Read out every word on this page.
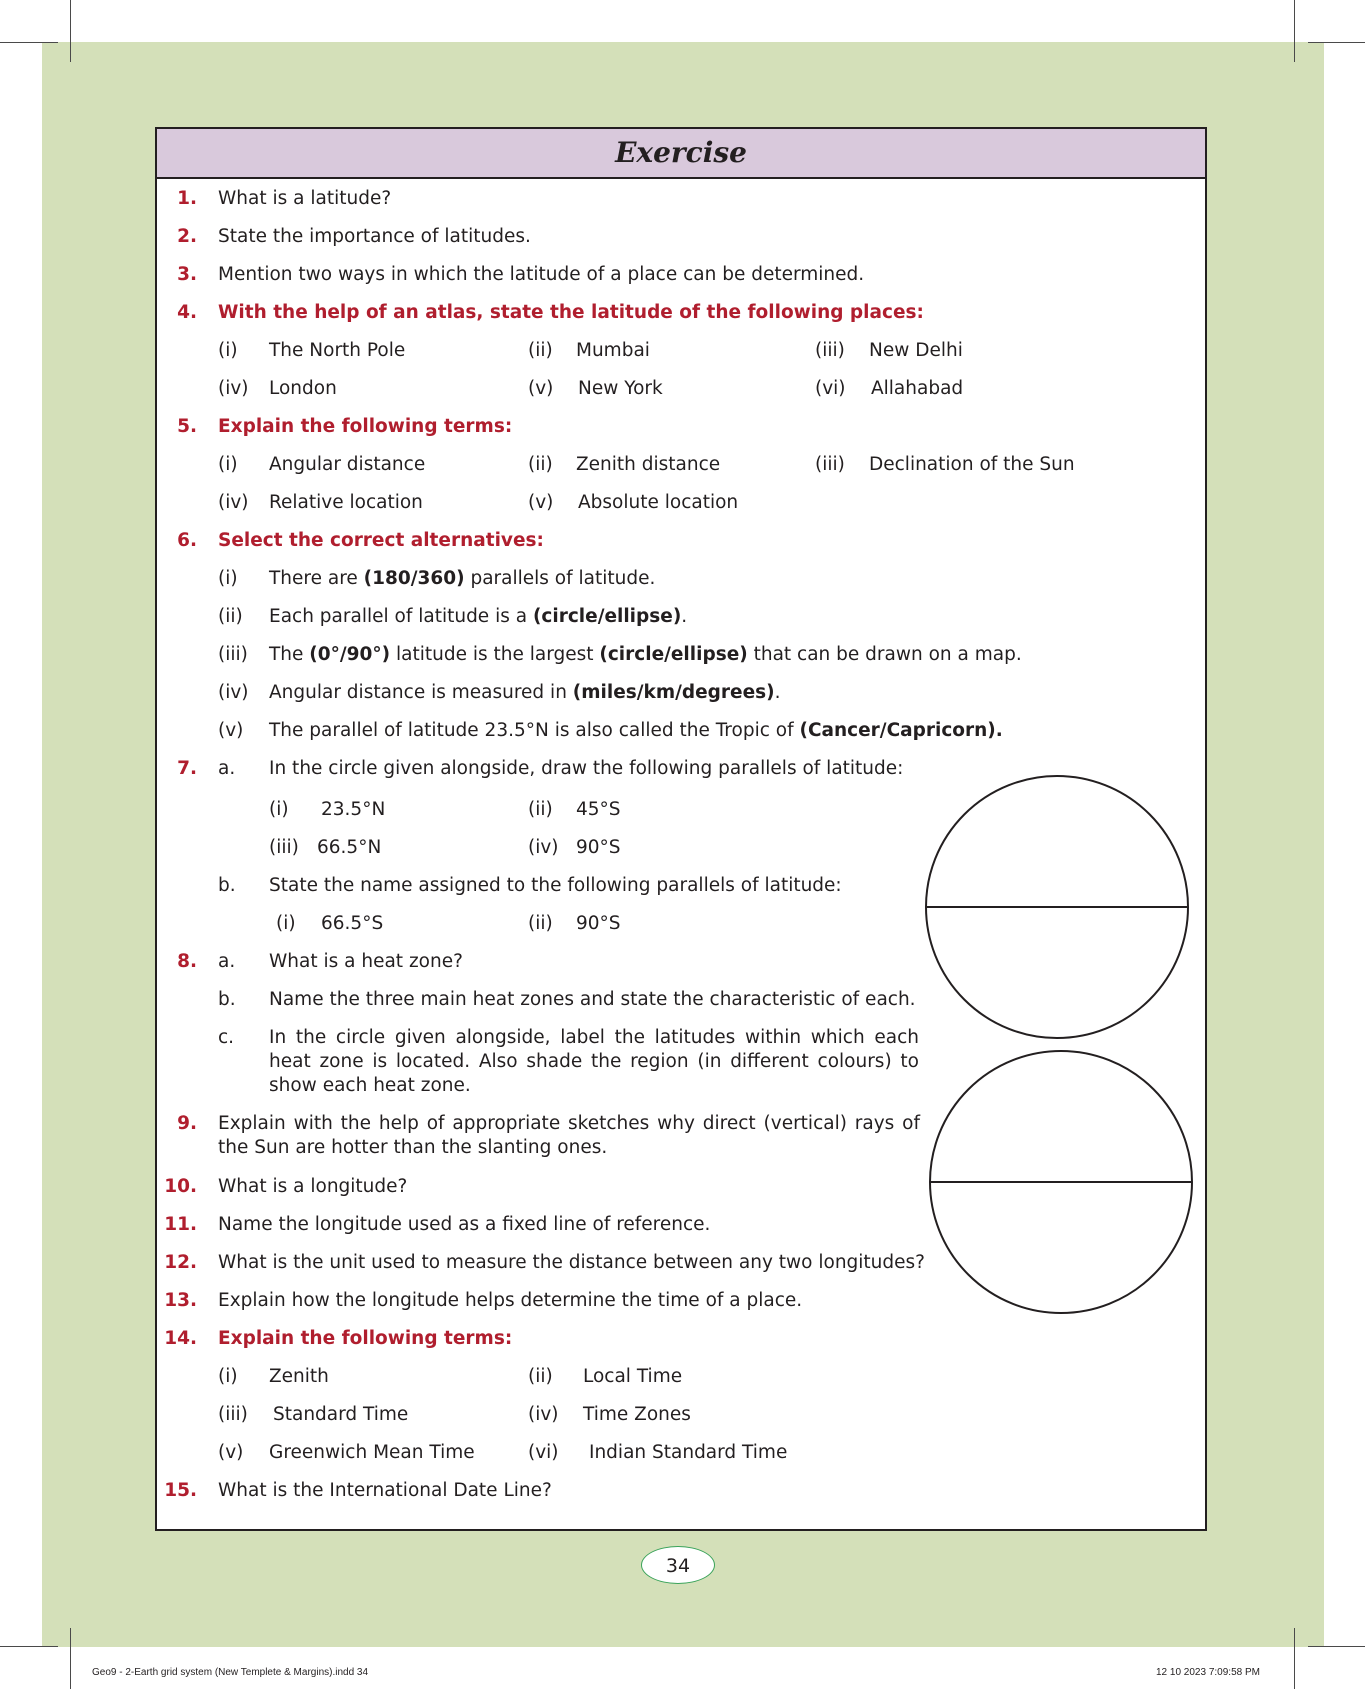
Exercise
1. What is a latitude?
2. State the importance of latitudes.
3. Mention two ways in which the latitude of a place can be determined.
4. With the help of an atlas, state the latitude of the following places:
(i) The North Pole	(ii) Mumbai	(iii) New Delhi
(iv) London	(v) New York	(vi) Allahabad
5. Explain the following terms:
(i) Angular distance	(ii) Zenith distance	(iii) Declination of the Sun
(iv) Relative location	(v) Absolute location
6. Select the correct alternatives:
(i) There are (180/360) parallels of latitude.
(ii) Each parallel of latitude is a (circle/ellipse).
(iii) The (0°/90°) latitude is the largest (circle/ellipse) that can be drawn on a map.
(iv) Angular distance is measured in (miles/km/degrees).
(v) The parallel of latitude 23.5°N is also called the Tropic of (Cancer/Capricorn).
7. a. In the circle given alongside, draw the following parallels of latitude:
(i) 23.5°N	(ii) 45°S
(iii) 66.5°N	(iv) 90°S
b. State the name assigned to the following parallels of latitude:
(i) 66.5°S	(ii) 90°S
8. a. What is a heat zone?
b. Name the three main heat zones and state the characteristic of each.
c. In the circle given alongside, label the latitudes within which each heat zone is located. Also shade the region (in different colours) to show each heat zone.
9. Explain with the help of appropriate sketches why direct (vertical) rays of the Sun are hotter than the slanting ones.
10. What is a longitude?
11. Name the longitude used as a fixed line of reference.
12. What is the unit used to measure the distance between any two longitudes?
13. Explain how the longitude helps determine the time of a place.
14. Explain the following terms:
(i) Zenith	(ii) Local Time
(iii) Standard Time	(iv) Time Zones
(v) Greenwich Mean Time	(vi) Indian Standard Time
15. What is the International Date Line?
34
Geo9 - 2-Earth grid system (New Templete & Margins).indd 34	12 10 2023 7:09:58 PM
